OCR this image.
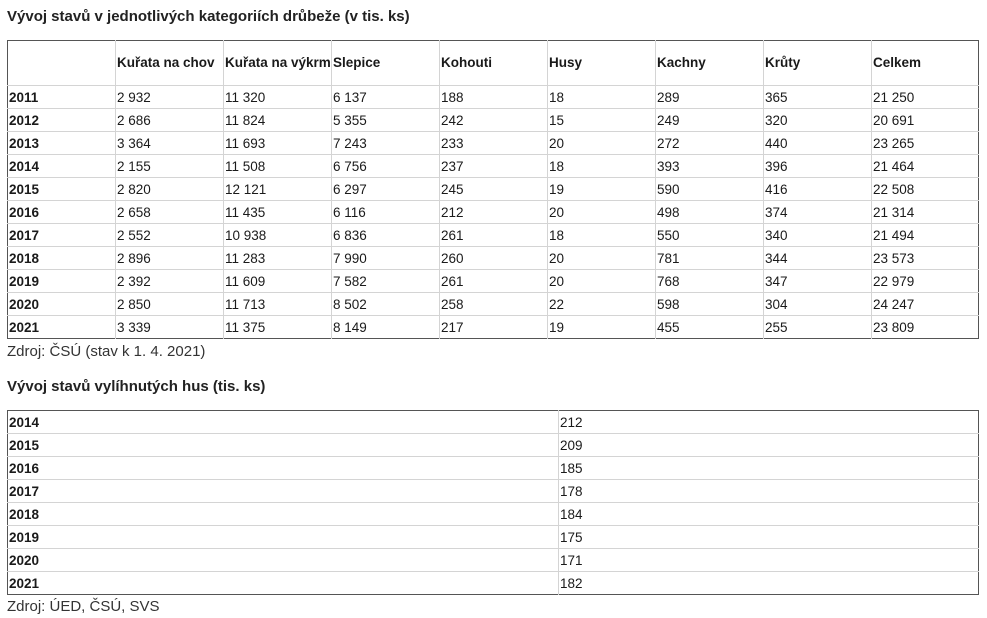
Vývoj stavů v jednotlivých kategoriích drůbeže (v tis. ks)
	Kuřata na chov	Kuřata na výkrm	Slepice	Kohouti	Husy	Kachny	Krůty	Celkem
2011	2 932	11 320	6 137	188	18	289	365	21 250
2012	2 686	11 824	5 355	242	15	249	320	20 691
2013	3 364	11 693	7 243	233	20	272	440	23 265
2014	2 155	11 508	6 756	237	18	393	396	21 464
2015	2 820	12 121	6 297	245	19	590	416	22 508
2016	2 658	11 435	6 116	212	20	498	374	21 314
2017	2 552	10 938	6 836	261	18	550	340	21 494
2018	2 896	11 283	7 990	260	20	781	344	23 573
2019	2 392	11 609	7 582	261	20	768	347	22 979
2020	2 850	11 713	8 502	258	22	598	304	24 247
2021	3 339	11 375	8 149	217	19	455	255	23 809
Zdroj: ČSÚ (stav k 1. 4. 2021)
Vývoj stavů vylíhnutých hus (tis. ks)
2014	212
2015	209
2016	185
2017	178
2018	184
2019	175
2020	171
2021	182
Zdroj: ÚED, ČSÚ, SVS
